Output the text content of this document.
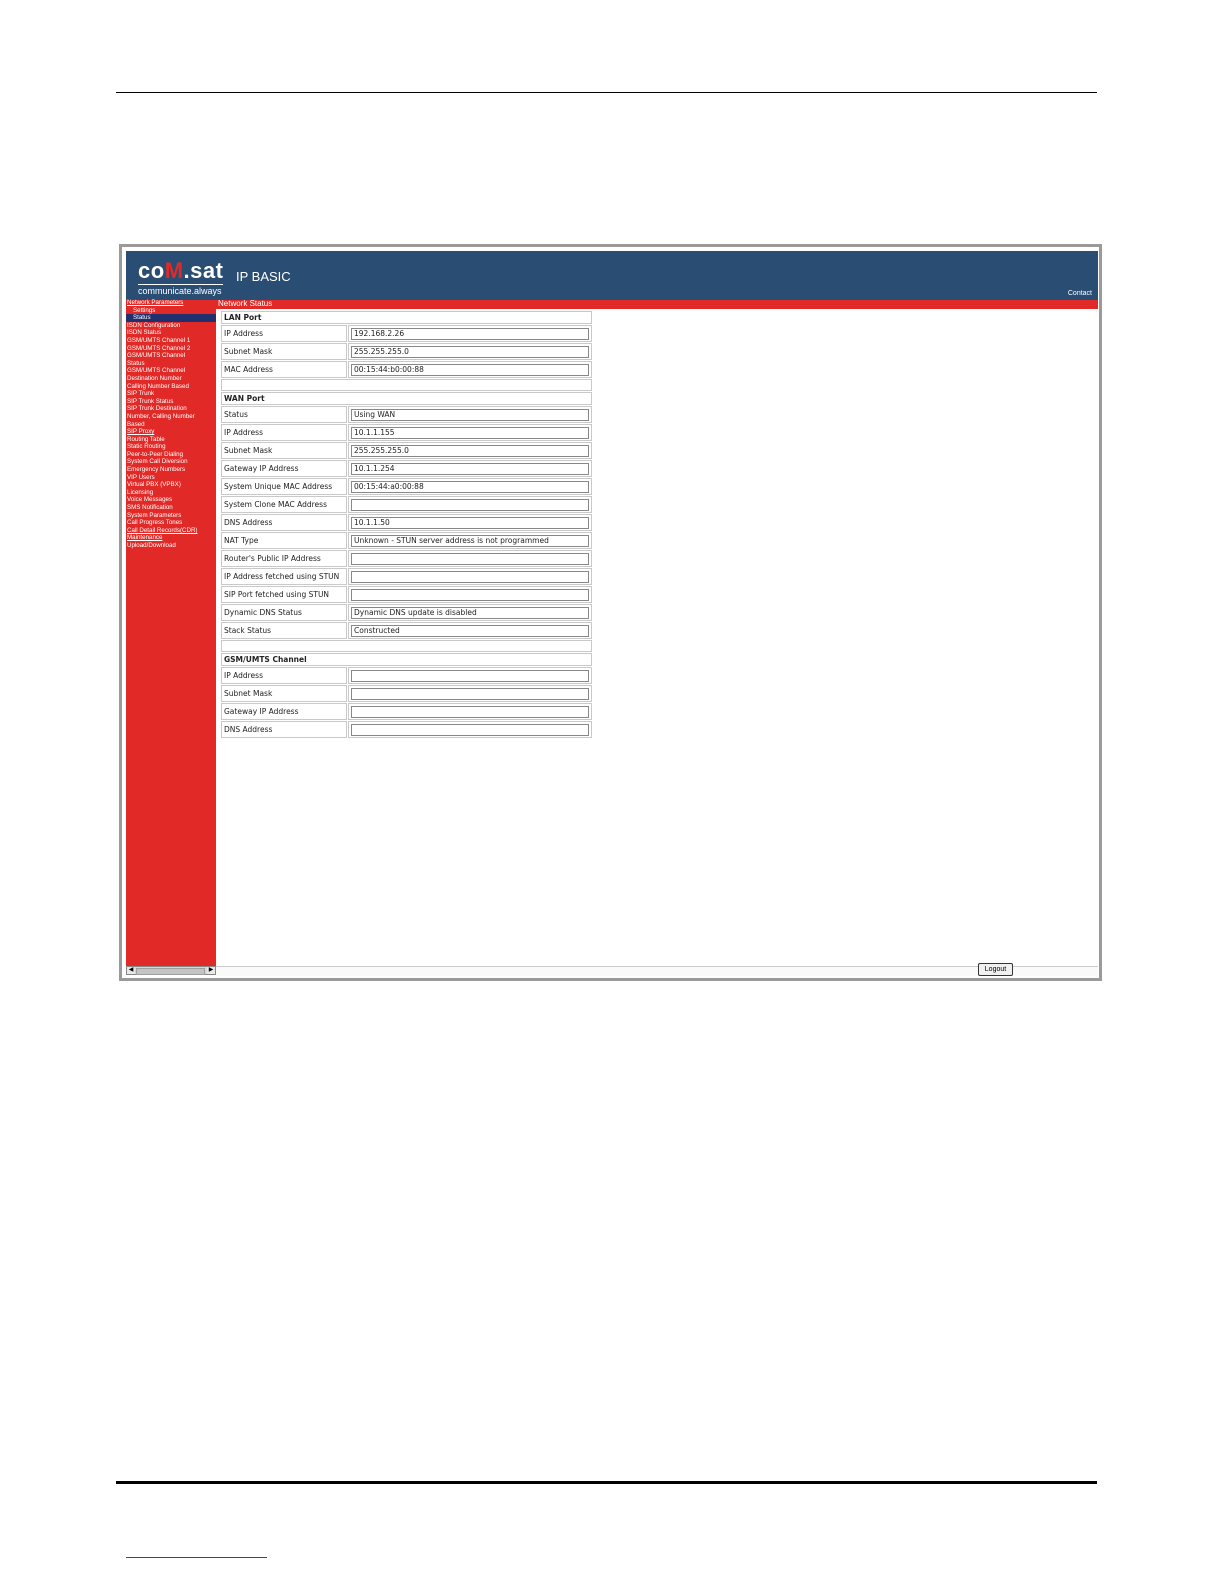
coM.sat
communicate.always
IP BASIC
Contact
Network Status
Network Parameters
Settings
Status
ISDN Configuration
ISDN Status
GSM/UMTS Channel 1
GSM/UMTS Channel 2
GSM/UMTS Channel
Status
GSM/UMTS Channel
Destination Number
Calling Number Based
SIP Trunk
SIP Trunk Status
SIP Trunk Destination
Number, Calling Number
Based
SIP Proxy
Routing Table
Static Routing
Peer-to-Peer Dialing
System Call Diversion
Emergency Numbers
VIP Users
Virtual PBX (VPBX)
Licensing
Voice Messages
SMS Notification
System Parameters
Call Progress Tones
Call Detail Records(CDR)
Maintenance
Upload/Download
◀	▶
LAN Port	
IP Address	192.168.2.26

Subnet Mask	255.255.255.0

MAC Address	00:15:44:b0:00:88

WAN Port	
Status	Using WAN

IP Address	10.1.1.155

Subnet Mask	255.255.255.0

Gateway IP Address	10.1.1.254

System Unique MAC Address	00:15:44:a0:00:88

System Clone MAC Address	

DNS Address	10.1.1.50

NAT Type	Unknown - STUN server address is not programmed

Router's Public IP Address	

IP Address fetched using STUN	

SIP Port fetched using STUN	

Dynamic DNS Status	Dynamic DNS update is disabled

Stack Status	Constructed

GSM/UMTS Channel	
IP Address	

Subnet Mask	

Gateway IP Address	

DNS Address	
Logout
